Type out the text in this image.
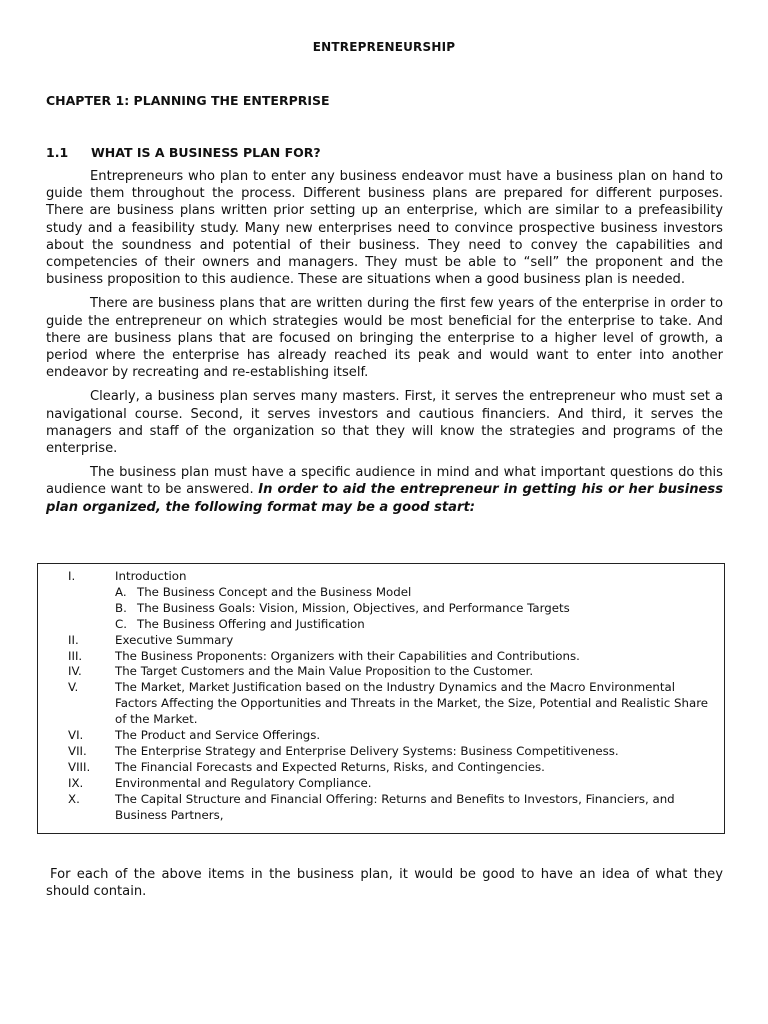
ENTREPRENEURSHIP
CHAPTER 1: PLANNING THE ENTERPRISE
1.1 WHAT IS A BUSINESS PLAN FOR?

Entrepreneurs who plan to enter any business endeavor must have a business plan on hand to guide them throughout the process. Different business plans are prepared for different purposes. There are business plans written prior setting up an enterprise, which are similar to a prefeasibility study and a feasibility study. Many new enterprises need to convince prospective business investors about the soundness and potential of their business. They need to convey the capabilities and competencies of their owners and managers. They must be able to “sell” the proponent and the business proposition to this audience. These are situations when a good business plan is needed.

There are business plans that are written during the first few years of the enterprise in order to guide the entrepreneur on which strategies would be most beneficial for the enterprise to take. And there are business plans that are focused on bringing the enterprise to a higher level of growth, a period where the enterprise has already reached its peak and would want to enter into another endeavor by recreating and re-establishing itself.

Clearly, a business plan serves many masters. First, it serves the entrepreneur who must set a navigational course. Second, it serves investors and cautious financiers. And third, it serves the managers and staff of the organization so that they will know the strategies and programs of the enterprise.

The business plan must have a specific audience in mind and what important questions do this audience want to be answered. In order to aid the entrepreneur in getting his or her business plan organized, the following format may be a good start:

I.	Introduction
A. The Business Concept and the Business Model
B. The Business Goals: Vision, Mission, Objectives, and Performance Targets
C. The Business Offering and Justification
II.	Executive Summary
III.	The Business Proponents: Organizers with their Capabilities and Contributions.
IV.	The Target Customers and the Main Value Proposition to the Customer.
V.	The Market, Market Justification based on the Industry Dynamics and the Macro Environmental Factors Affecting the Opportunities and Threats in the Market, the Size, Potential and Realistic Share of the Market.
VI.	The Product and Service Offerings.
VII.	The Enterprise Strategy and Enterprise Delivery Systems: Business Competitiveness.
VIII.	The Financial Forecasts and Expected Returns, Risks, and Contingencies.
IX.	Environmental and Regulatory Compliance.
X.	The Capital Structure and Financial Offering: Returns and Benefits to Investors, Financiers, and Business Partners,
For each of the above items in the business plan, it would be good to have an idea of what they should contain.
